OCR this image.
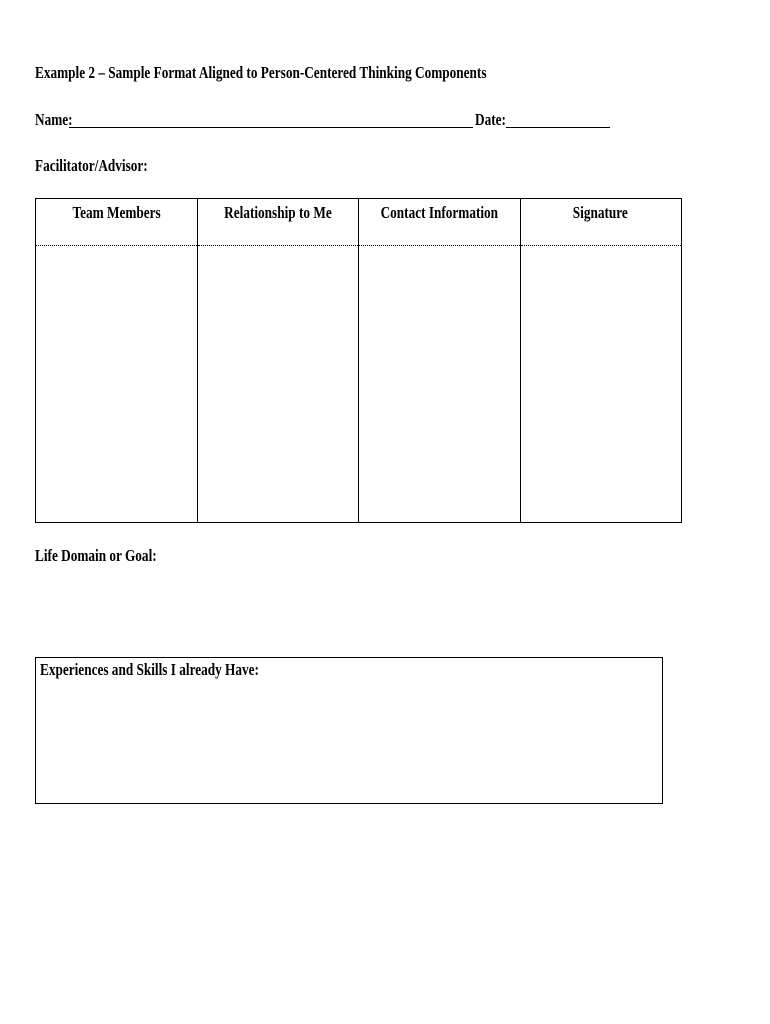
Example 2 – Sample Format Aligned to Person-Centered Thinking Components
Name:	Date:
Facilitator/Advisor:
Team Members	Relationship to Me	Contact Information	Signature

Life Domain or Goal:
Experiences and Skills I already Have:
